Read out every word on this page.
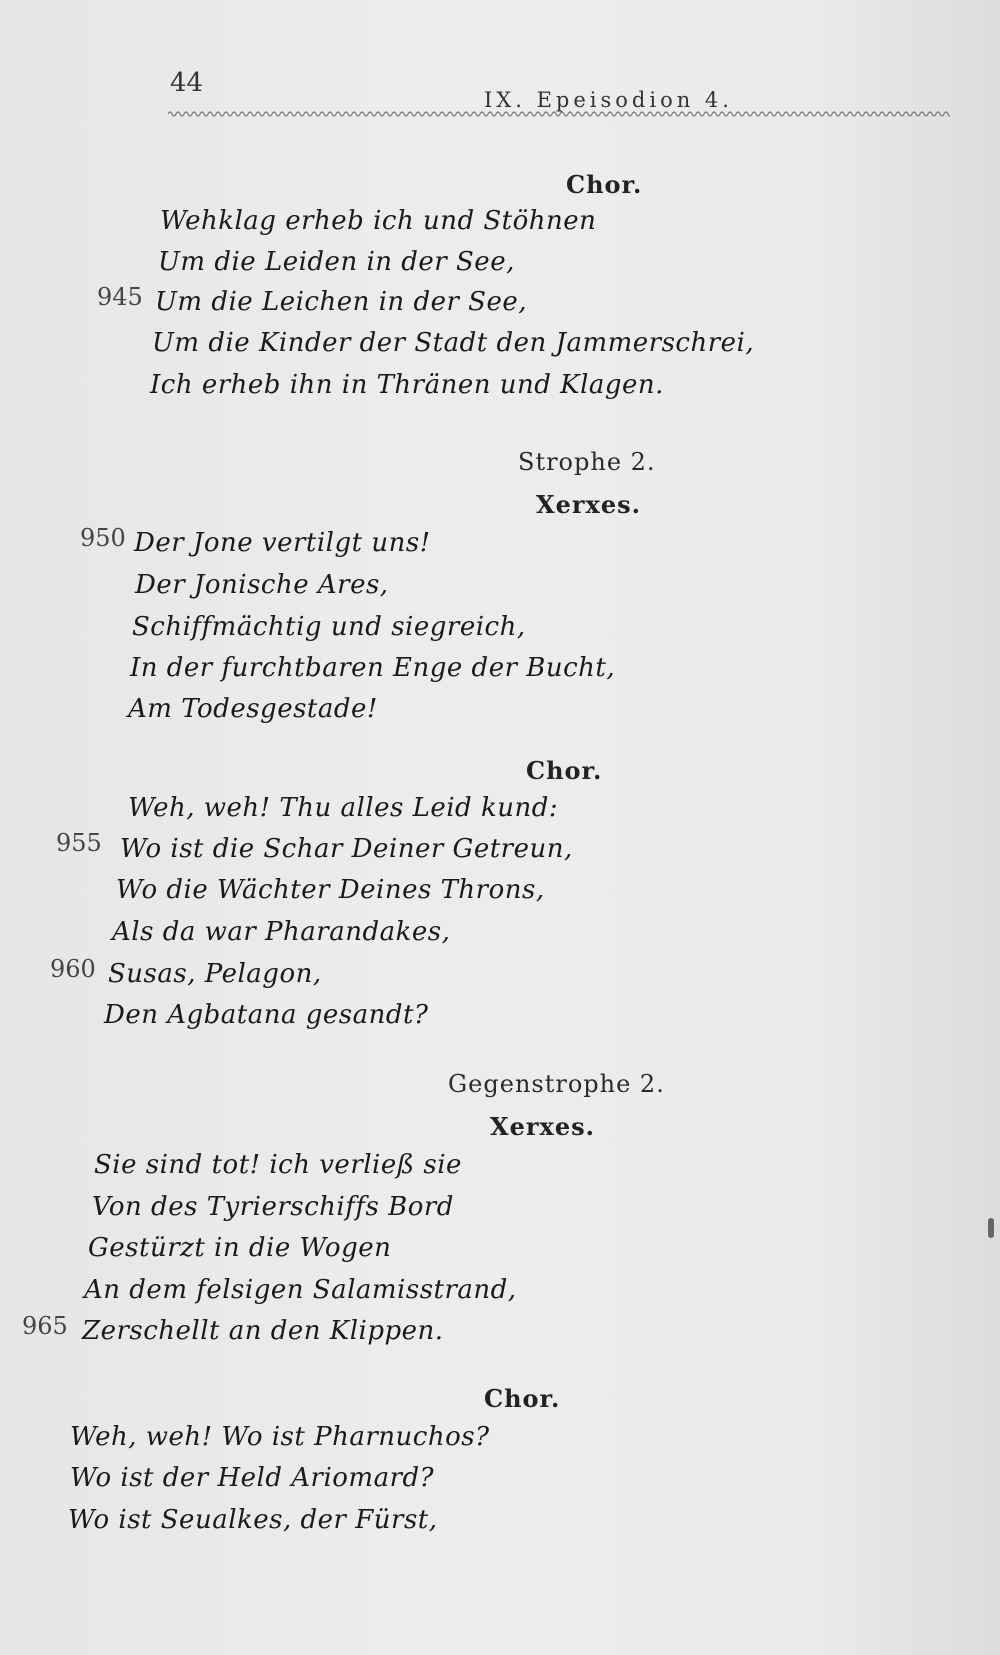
44
IX. Epeisodion 4.
Chor.
Wehklag erheb ich und Stöhnen
Um die Leiden in der See,
945 Um die Leichen in der See,
Um die Kinder der Stadt den Jammerschrei,
Ich erheb ihn in Thränen und Klagen.
Strophe 2.
Xerxes.
950 Der Jone vertilgt uns!
Der Jonische Ares,
Schiffmächtig und siegreich,
In der furchtbaren Enge der Bucht,
Am Todesgestade!
Chor.
Weh, weh! Thu alles Leid kund:
955 Wo ist die Schar Deiner Getreun,
Wo die Wächter Deines Throns,
Als da war Pharandakes,
960 Susas, Pelagon,
Den Agbatana gesandt?
Gegenstrophe 2.
Xerxes.
Sie sind tot! ich verließ sie
Von des Tyrierschiffs Bord
Gestürzt in die Wogen
An dem felsigen Salamisstrand,
965 Zerschellt an den Klippen.
Chor.
Weh, weh! Wo ist Pharnuchos?
Wo ist der Held Ariomard?
Wo ist Seualkes, der Fürst,
